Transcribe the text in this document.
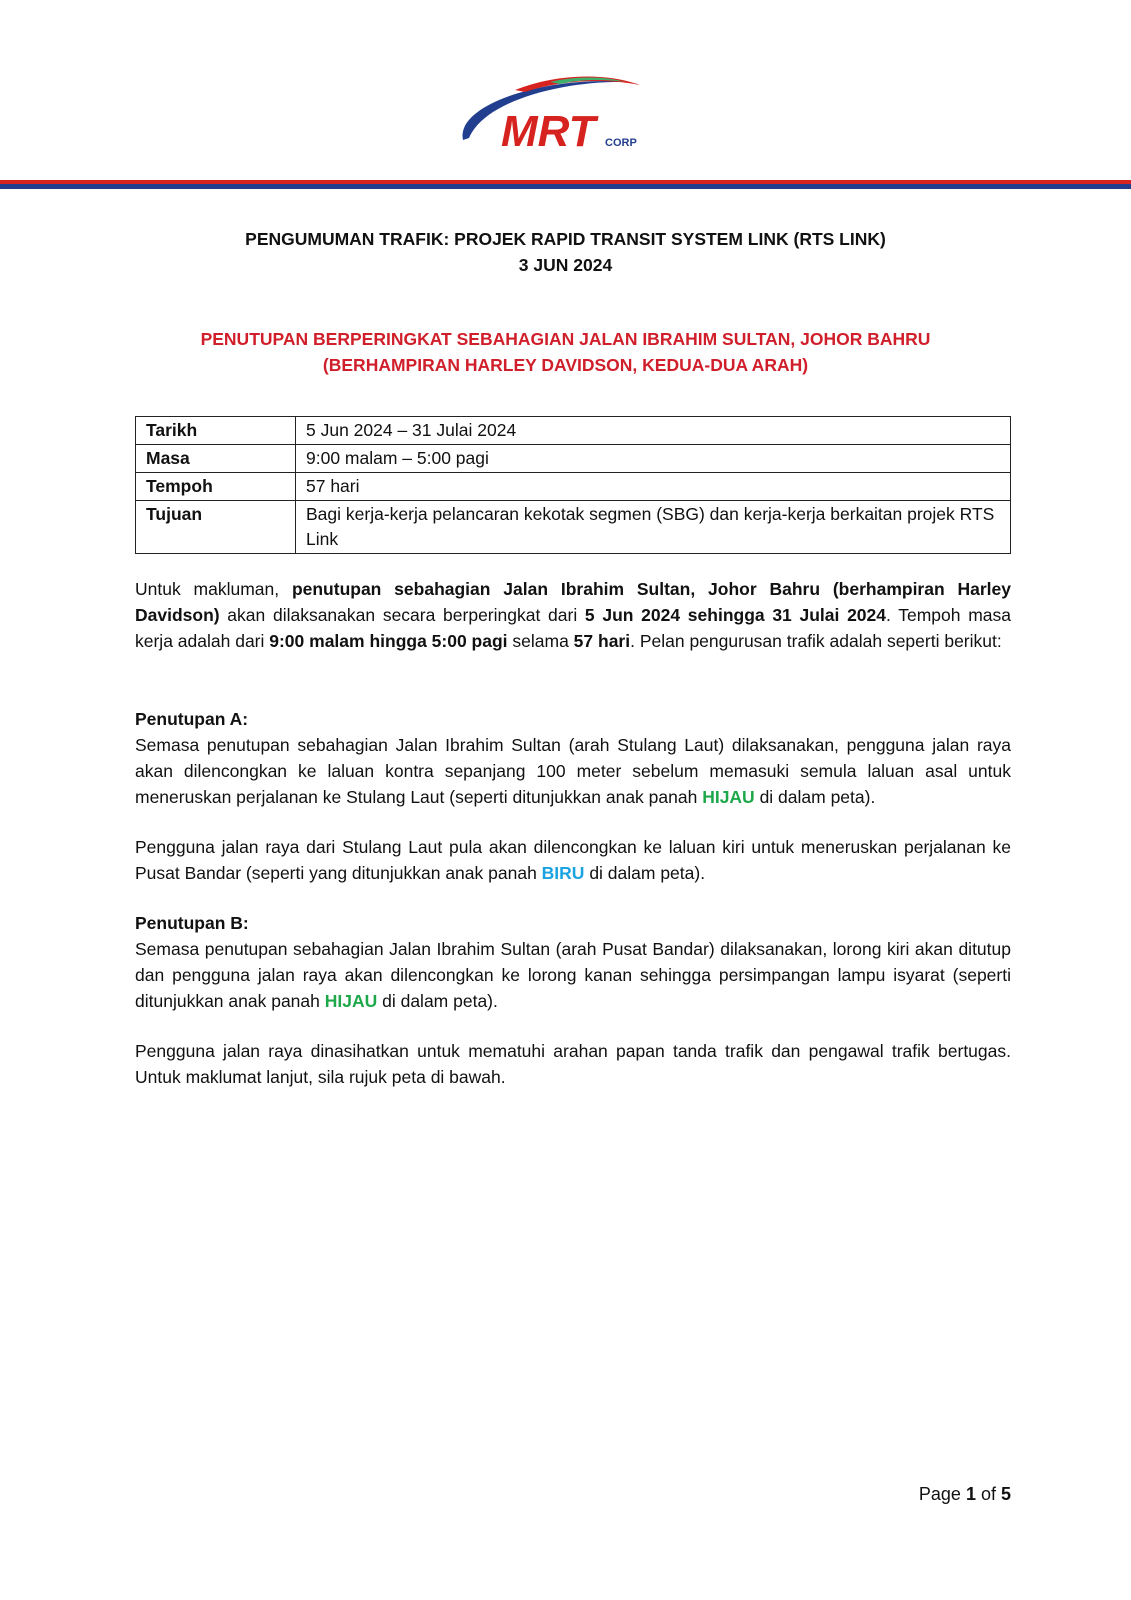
MRT CORP
PENGUMUMAN TRAFIK: PROJEK RAPID TRANSIT SYSTEM LINK (RTS LINK)
3 JUN 2024
PENUTUPAN BERPERINGKAT SEBAHAGIAN JALAN IBRAHIM SULTAN, JOHOR BAHRU
(BERHAMPIRAN HARLEY DAVIDSON, KEDUA-DUA ARAH)
Tarikh	5 Jun 2024 – 31 Julai 2024
Masa	9:00 malam – 5:00 pagi
Tempoh	57 hari
Tujuan	Bagi kerja-kerja pelancaran kekotak segmen (SBG) dan kerja-kerja berkaitan projek RTS Link

Untuk makluman, penutupan sebahagian Jalan Ibrahim Sultan, Johor Bahru (berhampiran Harley Davidson) akan dilaksanakan secara berperingkat dari 5 Jun 2024 sehingga 31 Julai 2024. Tempoh masa kerja adalah dari 9:00 malam hingga 5:00 pagi selama 57 hari. Pelan pengurusan trafik adalah seperti berikut:

Penutupan A:

Semasa penutupan sebahagian Jalan Ibrahim Sultan (arah Stulang Laut) dilaksanakan, pengguna jalan raya akan dilencongkan ke laluan kontra sepanjang 100 meter sebelum memasuki semula laluan asal untuk meneruskan perjalanan ke Stulang Laut (seperti ditunjukkan anak panah HIJAU di dalam peta).

Pengguna jalan raya dari Stulang Laut pula akan dilencongkan ke laluan kiri untuk meneruskan perjalanan ke Pusat Bandar (seperti yang ditunjukkan anak panah BIRU di dalam peta).

Penutupan B:

Semasa penutupan sebahagian Jalan Ibrahim Sultan (arah Pusat Bandar) dilaksanakan, lorong kiri akan ditutup dan pengguna jalan raya akan dilencongkan ke lorong kanan sehingga persimpangan lampu isyarat (seperti ditunjukkan anak panah HIJAU di dalam peta).

Pengguna jalan raya dinasihatkan untuk mematuhi arahan papan tanda trafik dan pengawal trafik bertugas. Untuk maklumat lanjut, sila rujuk peta di bawah.

Page 1 of 5
